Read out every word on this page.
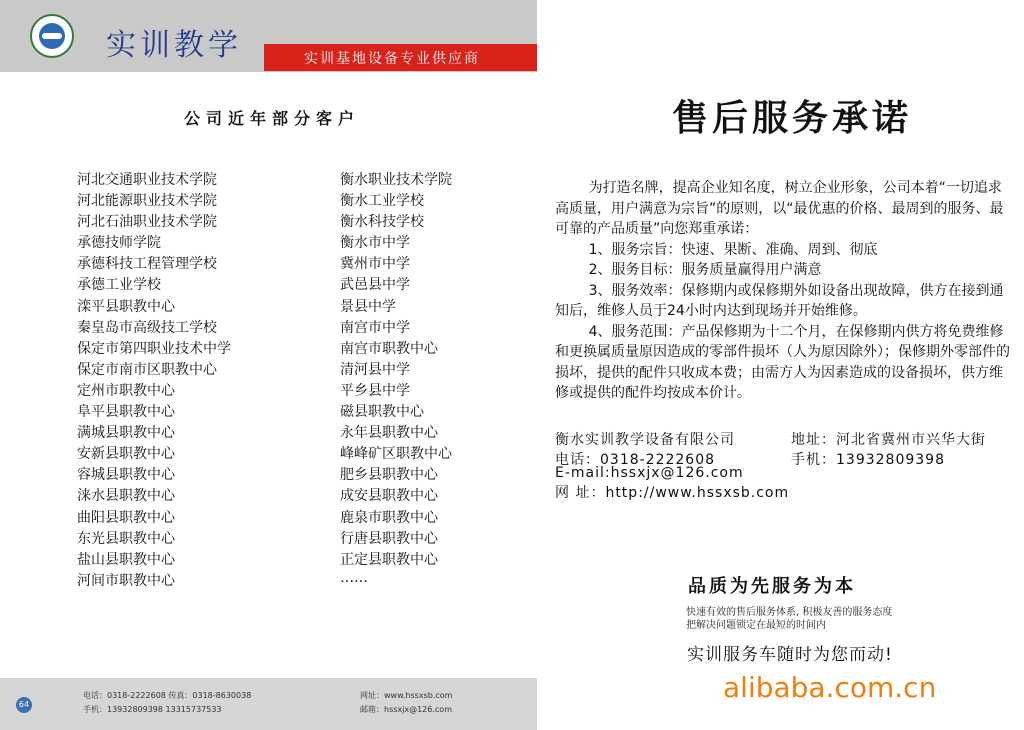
实训教学	实训基地设备专业供应商
公司近年部分客户
河北交通职业技术学院
河北能源职业技术学院
河北石油职业技术学院
承德技师学院
承德科技工程管理学校
承德工业学校
滦平县职教中心
秦皇岛市高级技工学校
保定市第四职业技术中学
保定市南市区职教中心
定州市职教中心
阜平县职教中心
满城县职教中心
安新县职教中心
容城县职教中心
涞水县职教中心
曲阳县职教中心
东光县职教中心
盐山县职教中心
河间市职教中心
衡水职业技术学院
衡水工业学校
衡水科技学校
衡水市中学
冀州市中学
武邑县中学
景县中学
南宫市中学
南宫市职教中心
清河县中学
平乡县中学
磁县职教中心
永年县职教中心
峰峰矿区职教中心
肥乡县职教中心
成安县职教中心
鹿泉市职教中心
行唐县职教中心
正定县职教中心
……
64
电话：0318-2222608 传真：0318-8630038
手机：13932809398 13315737533
网址：www.hssxsb.com
邮箱：hssxjx@126.com
售后服务承诺

为打造名牌，提高企业知名度，树立企业形象，公司本着“一切追求高质量，用户满意为宗旨”的原则，以“最优惠的价格、最周到的服务、最可靠的产品质量”向您郑重承诺：

1、服务宗旨：快速、果断、准确、周到、彻底

2、服务目标：服务质量赢得用户满意

3、服务效率：保修期内或保修期外如设备出现故障，供方在接到通知后，维修人员于24小时内达到现场并开始维修。

4、服务范围：产品保修期为十二个月，在保修期内供方将免费维修和更换属质量原因造成的零部件损坏（人为原因除外）；保修期外零部件的损坏，提供的配件只收成本费；由需方人为因素造成的设备损坏，供方维修或提供的配件均按成本价计。

衡水实训教学设备有限公司	地址：河北省冀州市兴华大街
电话：0318-2222608	手机：13932809398
E-mail:hssxjx@126.com
网 址：http://www.hssxsb.com
品质为先服务为本
快速有效的售后服务体系, 积极友善的服务态度
把解决问题锁定在最短的时间内
实训服务车随时为您而动!
alibaba.com.cn
